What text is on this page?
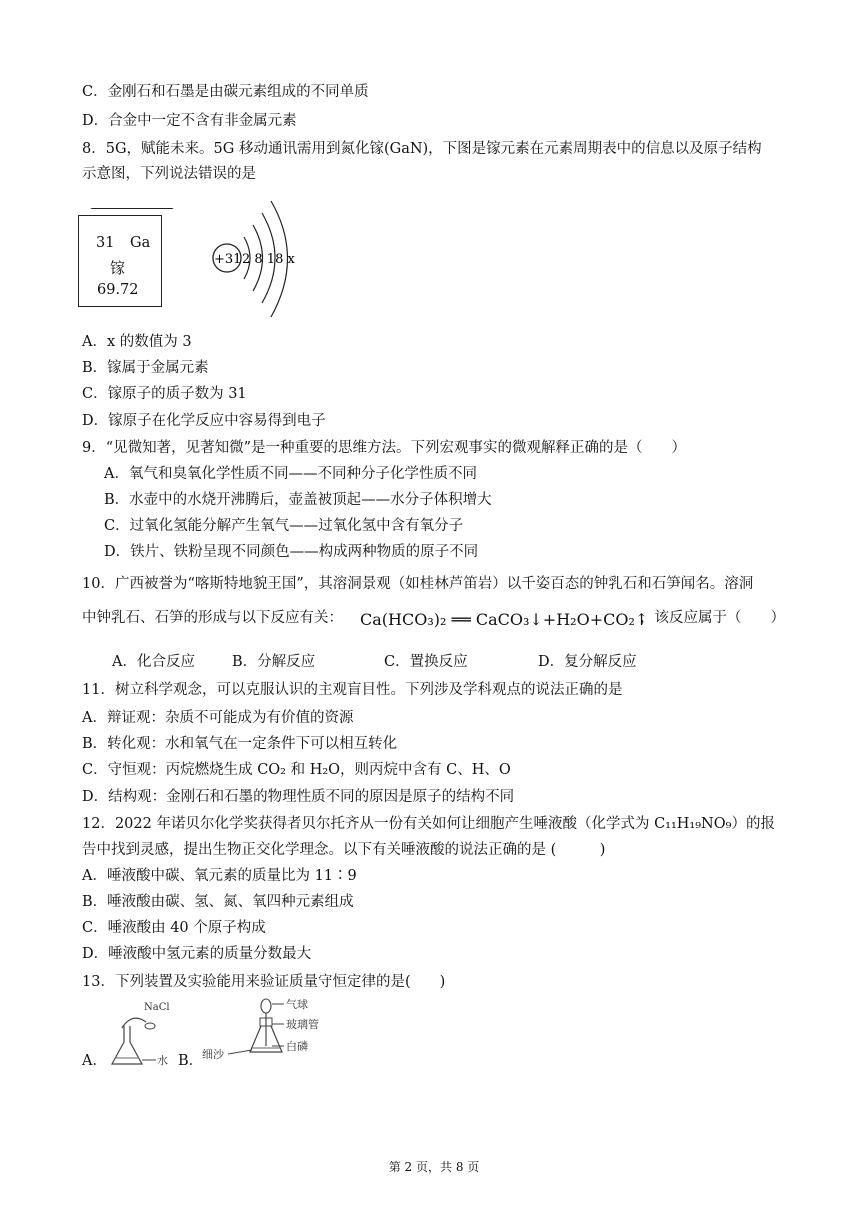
C．金刚石和石墨是由碳元素组成的不同单质
D．合金中一定不含有非金属元素
8．5G，赋能未来。5G 移动通讯需用到氮化镓(GaN)，下图是镓元素在元素周期表中的信息以及原子结构
示意图，下列说法错误的是
31 Ga
镓
69.72
+31 2 8 18 x
A．x 的数值为 3
B．镓属于金属元素
C．镓原子的质子数为 31
D．镓原子在化学反应中容易得到电子
9．“见微知著，见著知微”是一种重要的思维方法。下列宏观事实的微观解释正确的是（　　）
A．氧气和臭氧化学性质不同——不同种分子化学性质不同
B．水壶中的水烧开沸腾后，壶盖被顶起——水分子体积增大
C．过氧化氢能分解产生氧气——过氧化氢中含有氧分子
D．铁片、铁粉呈现不同颜色——构成两种物质的原子不同
10．广西被誉为“喀斯特地貌王国”，其溶洞景观（如桂林芦笛岩）以千姿百态的钟乳石和石笋闻名。溶洞
中钟乳石、石笋的形成与以下反应有关： Ca(HCO₃)₂ ══ CaCO₃↓+H₂O+CO₂↑
，该反应属于（　　）
A．化合反应	B．分解反应	C．置换反应	D．复分解反应
11．树立科学观念，可以克服认识的主观盲目性。下列涉及学科观点的说法正确的是
A．辩证观：杂质不可能成为有价值的资源
B．转化观：水和氧气在一定条件下可以相互转化
C．守恒观：丙烷燃烧生成 CO₂ 和 H₂O，则丙烷中含有 C、H、O
D．结构观：金刚石和石墨的物理性质不同的原因是原子的结构不同
12．2022 年诺贝尔化学奖获得者贝尔托齐从一份有关如何让细胞产生唾液酸（化学式为 C₁₁H₁₉NO₉）的报
告中找到灵感，提出生物正交化学理念。以下有关唾液酸的说法正确的是 (　　　)
A．唾液酸中碳、氧元素的质量比为 11∶9
B．唾液酸由碳、氢、氮、氧四种元素组成
C．唾液酸由 40 个原子构成
D．唾液酸中氢元素的质量分数最大
13．下列装置及实验能用来验证质量守恒定律的是(　　)
A．
NaCl
水 B．
气球
玻璃管
细沙
白磷
第 2 页，共 8 页
